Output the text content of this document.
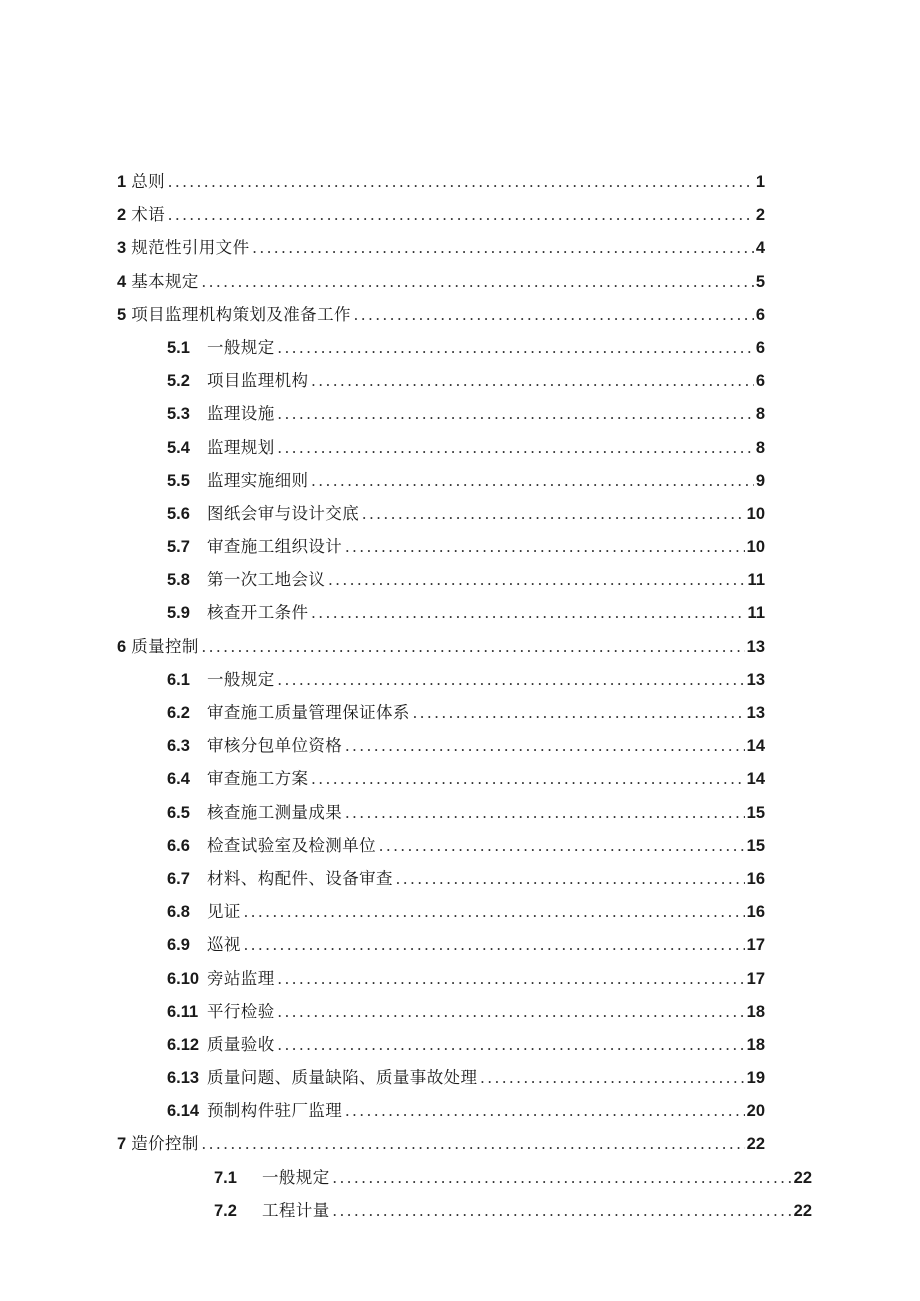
1 总则 .....	1
2 术语 .....	2
3 规范性引用文件 .....	4
4 基本规定 .....	5
5 项目监理机构策划及准备工作 .....	6
5.1	一般规定 .....	6
5.2	项目监理机构 .....	6
5.3	监理设施 .....	8
5.4	监理规划 .....	8
5.5	监理实施细则 .....	9
5.6	图纸会审与设计交底 .....	10
5.7	审查施工组织设计 .....	10
5.8	第一次工地会议 .....	11
5.9	核查开工条件 .....	11
6 质量控制 .....	13
6.1	一般规定 .....	13
6.2	审查施工质量管理保证体系 .....	13
6.3	审核分包单位资格 .....	14
6.4	审查施工方案 .....	14
6.5	核查施工测量成果 .....	15
6.6	检查试验室及检测单位 .....	15
6.7	材料、构配件、设备审查 .....	16
6.8	见证 .....	16
6.9	巡视 .....	17
6.10 旁站监理 .....	17
6.11 平行检验 .....	18
6.12 质量验收 .....	18
6.13 质量问题、质量缺陷、质量事故处理 .....	19
6.14 预制构件驻厂监理 .....	20
7 造价控制 .....	22
7.1	一般规定 .....	22
7.2	工程计量 .....	22
